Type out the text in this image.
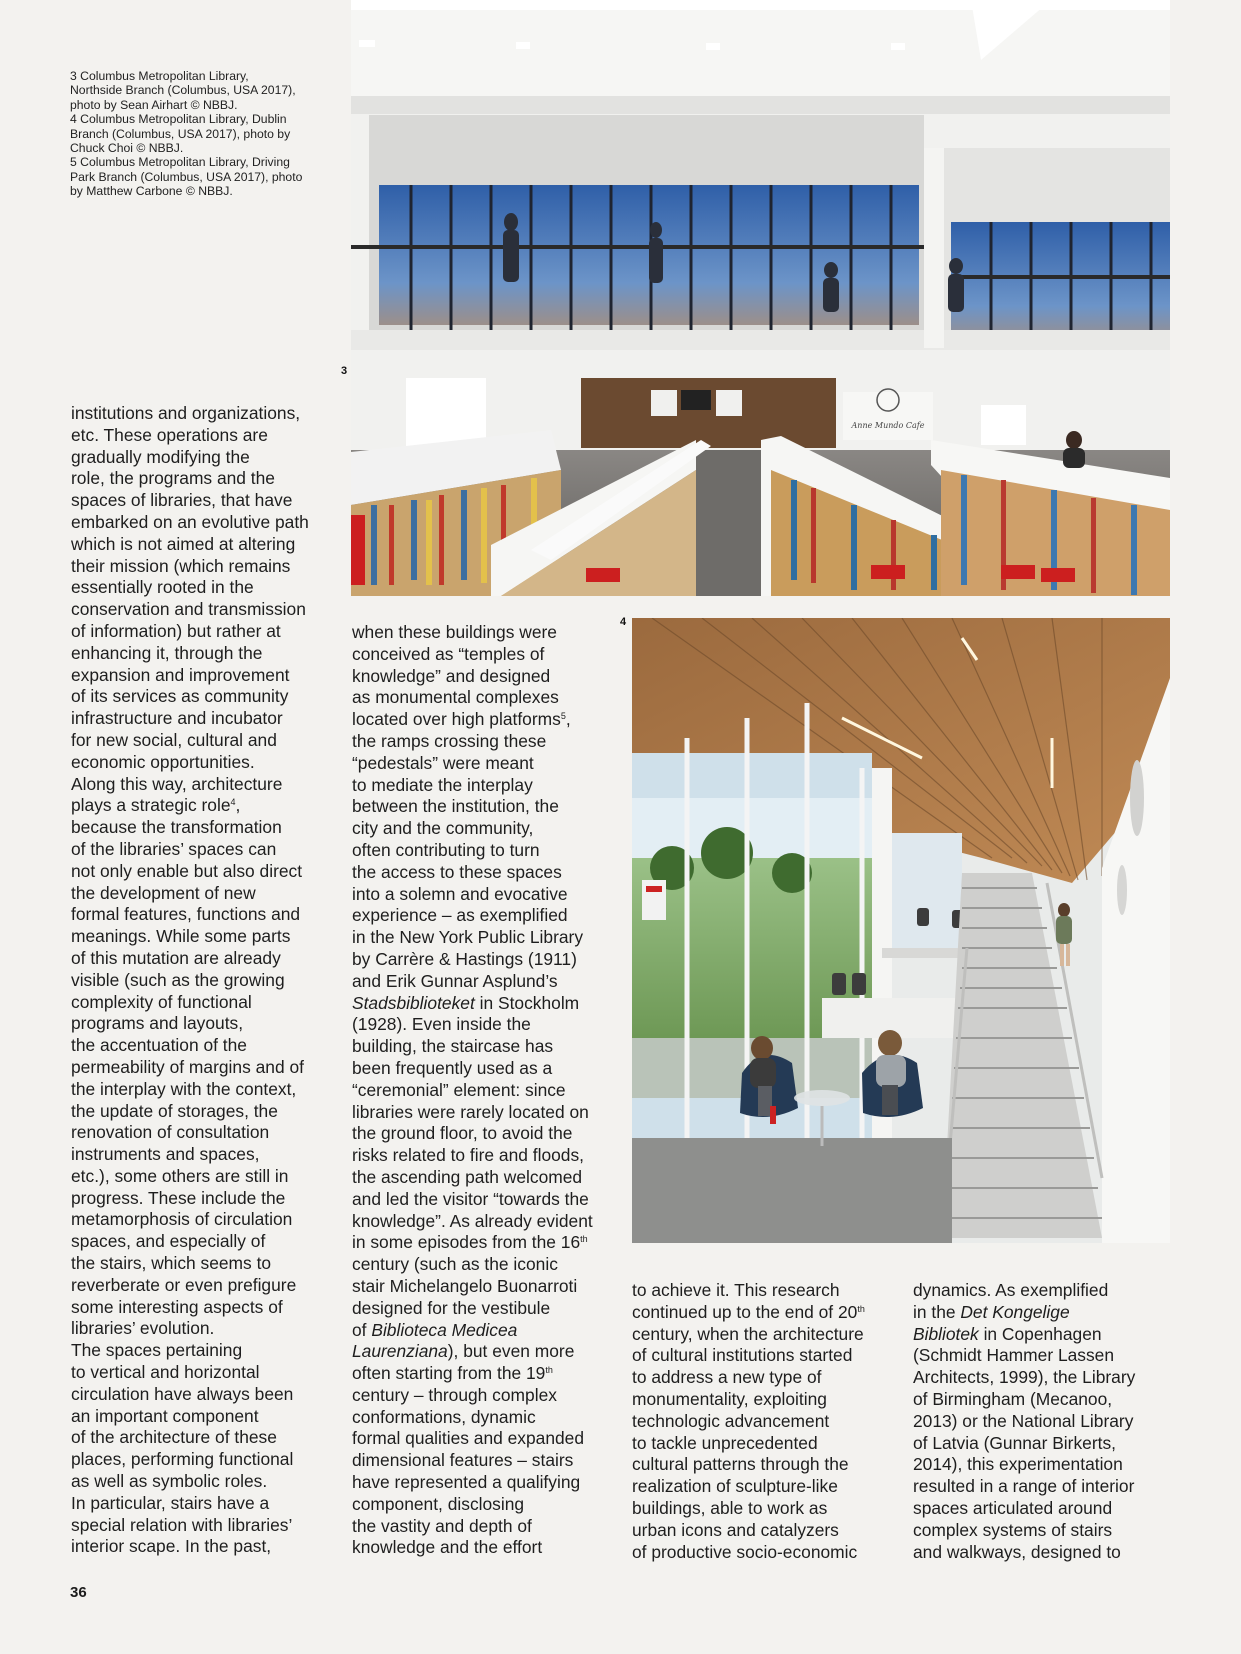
3 Columbus Metropolitan Library,

Northside Branch (Columbus, USA 2017),

photo by Sean Airhart © NBBJ.

4 Columbus Metropolitan Library, Dublin

Branch (Columbus, USA 2017), photo by

Chuck Choi © NBBJ.

5 Columbus Metropolitan Library, Driving

Park Branch (Columbus, USA 2017), photo

by Matthew Carbone © NBBJ.

3
4
Anne Mundo Cafe

institutions and organizations,

etc. These operations are

gradually modifying the

role, the programs and the

spaces of libraries, that have

embarked on an evolutive path

which is not aimed at altering

their mission (which remains

essentially rooted in the

conservation and transmission

of information) but rather at

enhancing it, through the

expansion and improvement

of its services as community

infrastructure and incubator

for new social, cultural and

economic opportunities.

Along this way, architecture

plays a strategic role$^4$,

because the transformation

of the libraries’ spaces can

not only enable but also direct

the development of new

formal features, functions and

meanings. While some parts

of this mutation are already

visible (such as the growing

complexity of functional

programs and layouts,

the accentuation of the

permeability of margins and of

the interplay with the context,

the update of storages, the

renovation of consultation

instruments and spaces,

etc.), some others are still in

progress. These include the

metamorphosis of circulation

spaces, and especially of

the stairs, which seems to

reverberate or even prefigure

some interesting aspects of

libraries’ evolution.

The spaces pertaining

to vertical and horizontal

circulation have always been

an important component

of the architecture of these

places, performing functional

as well as symbolic roles.

In particular, stairs have a

special relation with libraries’

interior scape. In the past,

when these buildings were

conceived as “temples of

knowledge” and designed

as monumental complexes

located over high platforms$^5$,

the ramps crossing these

“pedestals” were meant

to mediate the interplay

between the institution, the

city and the community,

often contributing to turn

the access to these spaces

into a solemn and evocative

experience – as exemplified

in the New York Public Library

by Carrère & Hastings (1911)

and Erik Gunnar Asplund’s

Stadsbiblioteket in Stockholm

(1928). Even inside the

building, the staircase has

been frequently used as a

“ceremonial” element: since

libraries were rarely located on

the ground floor, to avoid the

risks related to fire and floods,

the ascending path welcomed

and led the visitor “towards the

knowledge”. As already evident

in some episodes from the 16th

century (such as the iconic

stair Michelangelo Buonarroti

designed for the vestibule

of Biblioteca Medicea

Laurenziana), but even more

often starting from the 19th

century – through complex

conformations, dynamic

formal qualities and expanded

dimensional features – stairs

have represented a qualifying

component, disclosing

the vastity and depth of

knowledge and the effort

to achieve it. This research

continued up to the end of 20th

century, when the architecture

of cultural institutions started

to address a new type of

monumentality, exploiting

technologic advancement

to tackle unprecedented

cultural patterns through the

realization of sculpture-like

buildings, able to work as

urban icons and catalyzers

of productive socio-economic

dynamics. As exemplified

in the Det Kongelige

Bibliotek in Copenhagen

(Schmidt Hammer Lassen

Architects, 1999), the Library

of Birmingham (Mecanoo,

2013) or the National Library

of Latvia (Gunnar Birkerts,

2014), this experimentation

resulted in a range of interior

spaces articulated around

complex systems of stairs

and walkways, designed to

36
